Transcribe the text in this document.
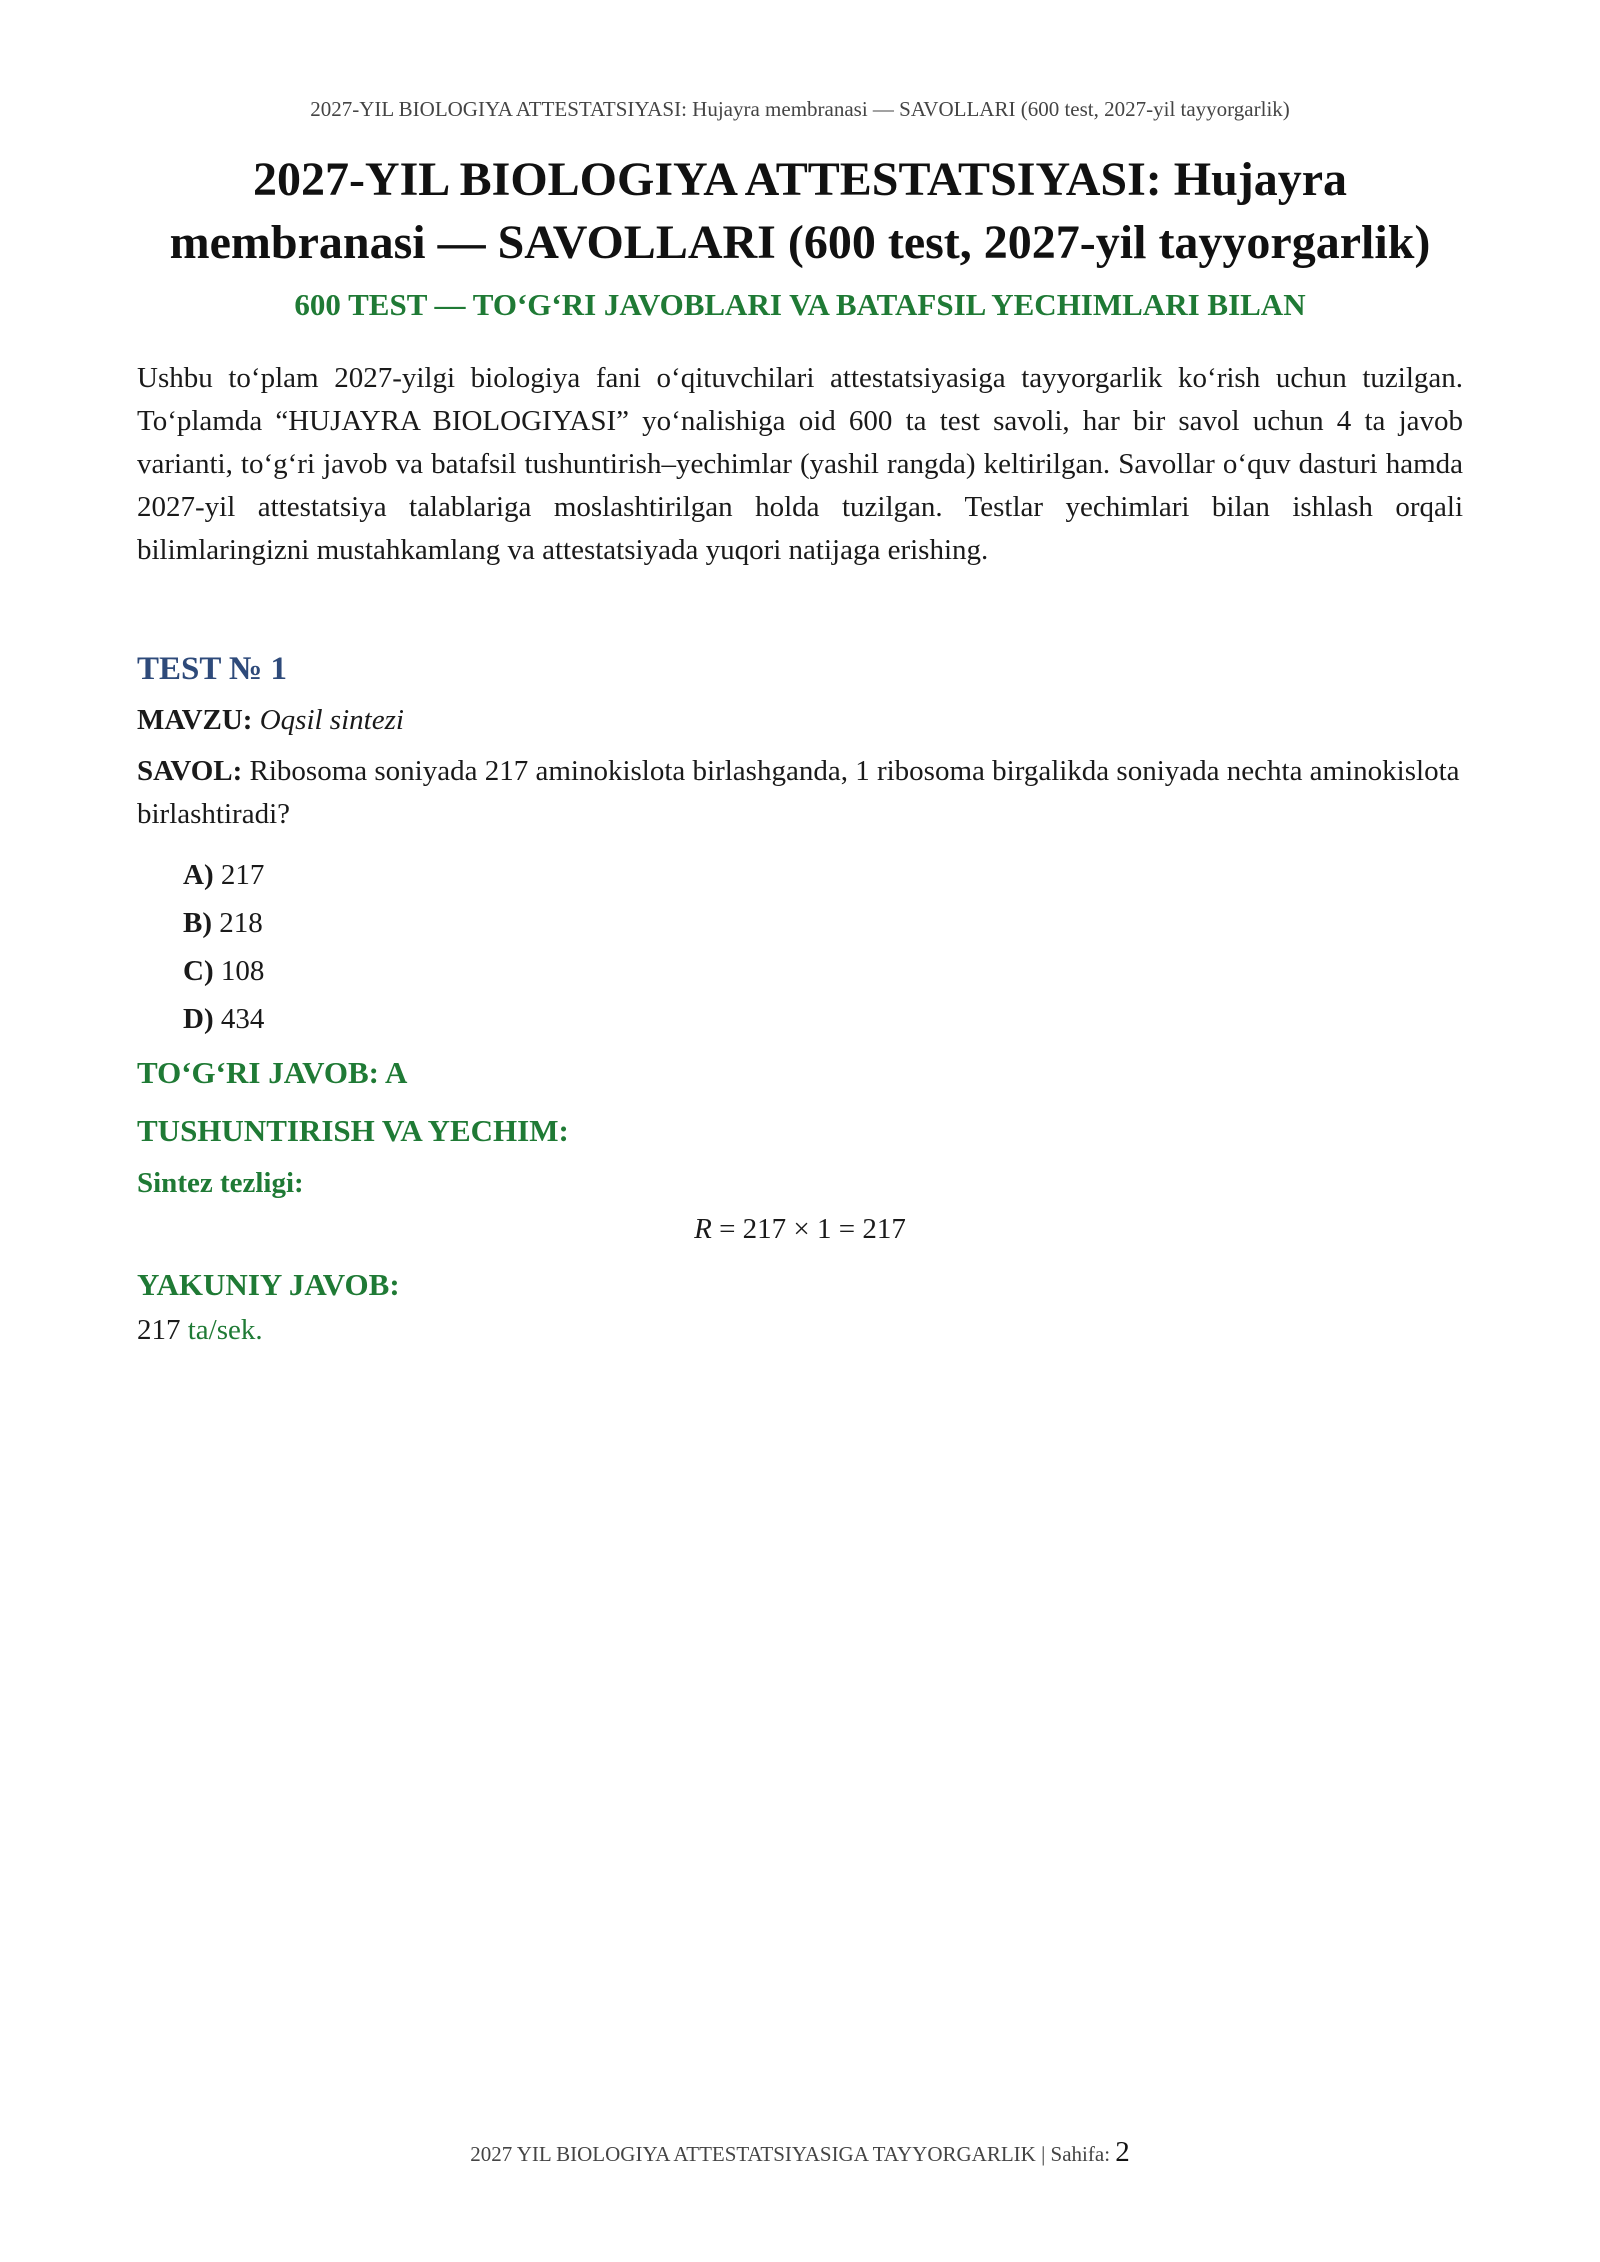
2027-YIL BIOLOGIYA ATTESTATSIYASI: Hujayra membranasi — SAVOLLARI (600 test, 2027-yil tayyorgarlik)
2027-YIL BIOLOGIYA ATTESTATSIYASI: Hujayra
membranasi — SAVOLLARI (600 test, 2027-yil tayyorgarlik)
600 TEST — TO‘G‘RI JAVOBLARI VA BATAFSIL YECHIMLARI BILAN

Ushbu to‘plam 2027-yilgi biologiya fani o‘qituvchilari attestatsiyasiga tayyorgarlik ko‘rish uchun tuzilgan. To‘plamda “HUJAYRA BIOLOGIYASI” yo‘nalishiga oid 600 ta test savoli, har bir savol uchun 4 ta javob varianti, to‘g‘ri javob va batafsil tushuntirish–yechimlar (yashil rangda) keltirilgan. Savollar o‘quv dasturi hamda 2027-yil attestatsiya talablariga moslashtirilgan holda tuzilgan. Testlar yechimlari bilan ishlash orqali bilimlaringizni mustahkamlang va attestatsiyada yuqori natijaga erishing.

TEST № 1
MAVZU: Oqsil sintezi

SAVOL: Ribosoma soniyada 217 aminokislota birlashganda, 1 ribosoma birgalikda soniyada nechta aminokislota birlashtiradi?

A) 217
B) 218
C) 108
D) 434
TO‘G‘RI JAVOB: A
TUSHUNTIRISH VA YECHIM:
Sintez tezligi:
R = 217 × 1 = 217
YAKUNIY JAVOB:
217 ta/sek.
2027 YIL BIOLOGIYA ATTESTATSIYASIGA TAYYORGARLIK | Sahifa: 2
